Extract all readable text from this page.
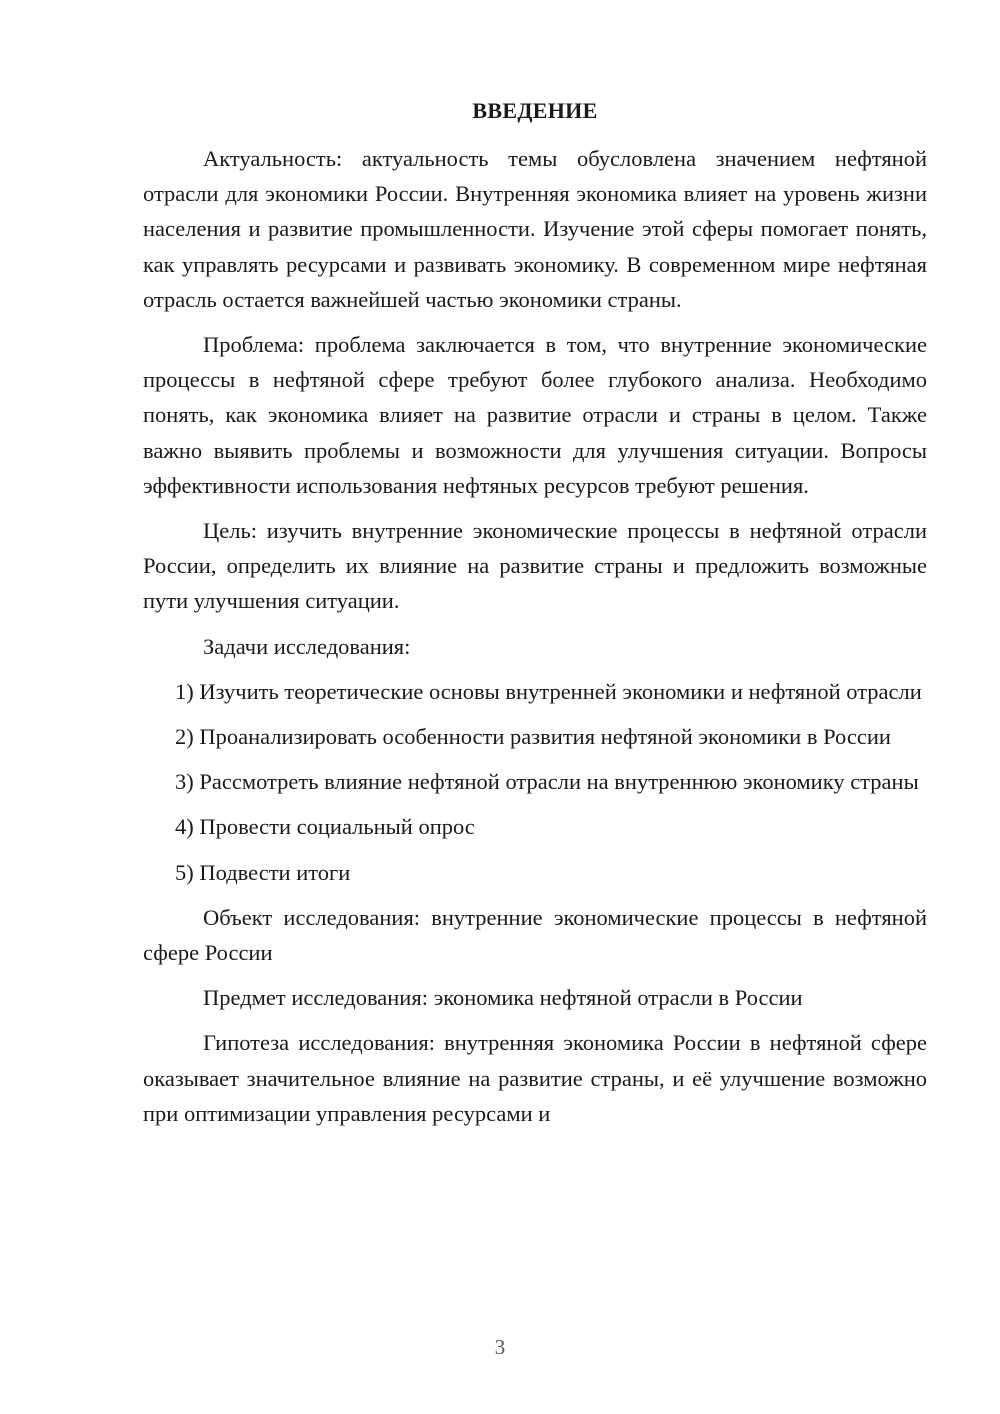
ВВЕДЕНИЕ

Актуальность: актуальность темы обусловлена значением нефтяной отрасли для экономики России. Внутренняя экономика влияет на уровень жизни населения и развитие промышленности. Изучение этой сферы помогает понять, как управлять ресурсами и развивать экономику. В современном мире нефтяная отрасль остается важнейшей частью экономики страны.

Проблема: проблема заключается в том, что внутренние экономические процессы в нефтяной сфере требуют более глубокого анализа. Необходимо понять, как экономика влияет на развитие отрасли и страны в целом. Также важно выявить проблемы и возможности для улучшения ситуации. Вопросы эффективности использования нефтяных ресурсов требуют решения.

Цель: изучить внутренние экономические процессы в нефтяной отрасли России, определить их влияние на развитие страны и предложить возможные пути улучшения ситуации.

Задачи исследования:

1) Изучить теоретические основы внутренней экономики и нефтяной отрасли

2) Проанализировать особенности развития нефтяной экономики в России

3) Рассмотреть влияние нефтяной отрасли на внутреннюю экономику страны

4) Провести социальный опрос

5) Подвести итоги

Объект исследования: внутренние экономические процессы в нефтяной сфере России

Предмет исследования: экономика нефтяной отрасли в России

Гипотеза исследования: внутренняя экономика России в нефтяной сфере оказывает значительное влияние на развитие страны, и её улучшение возможно при оптимизации управления ресурсами и

3
